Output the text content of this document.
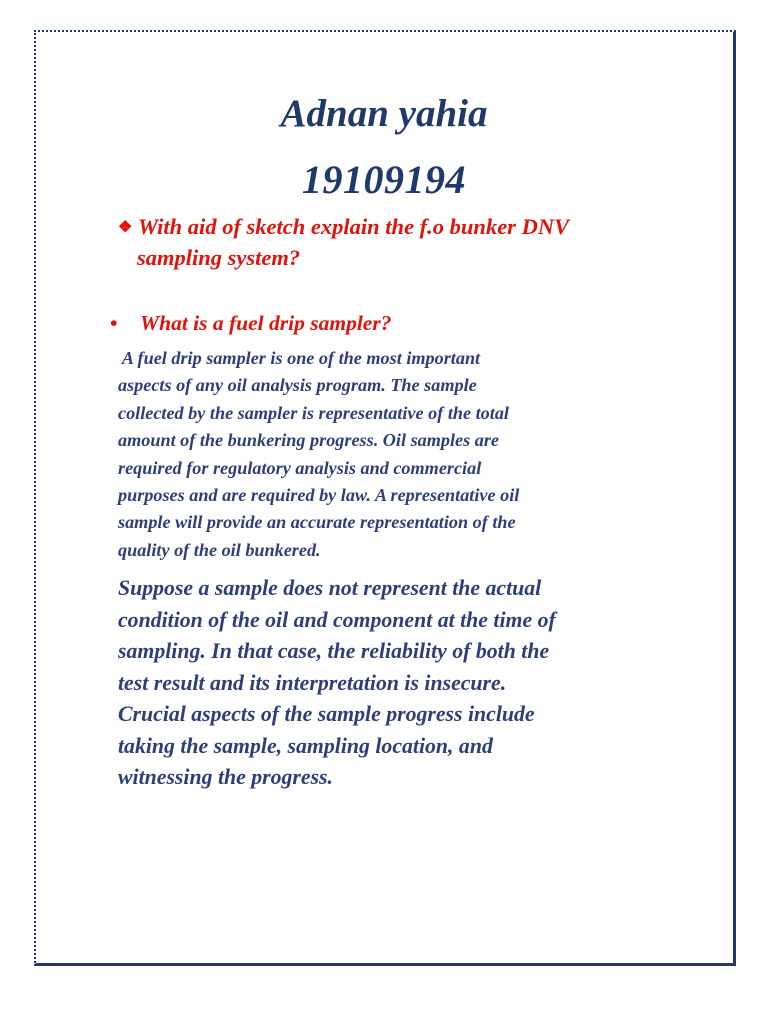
Adnan yahia
19109194
❖ With aid of sketch explain the f.o bunker DNV
sampling system?
• What is a fuel drip sampler?
A fuel drip sampler is one of the most important
aspects of any oil analysis program. The sample
collected by the sampler is representative of the total
amount of the bunkering progress. Oil samples are
required for regulatory analysis and commercial
purposes and are required by law. A representative oil
sample will provide an accurate representation of the
quality of the oil bunkered.
Suppose a sample does not represent the actual
condition of the oil and component at the time of
sampling. In that case, the reliability of both the
test result and its interpretation is insecure.
Crucial aspects of the sample progress include
taking the sample, sampling location, and
witnessing the progress.
